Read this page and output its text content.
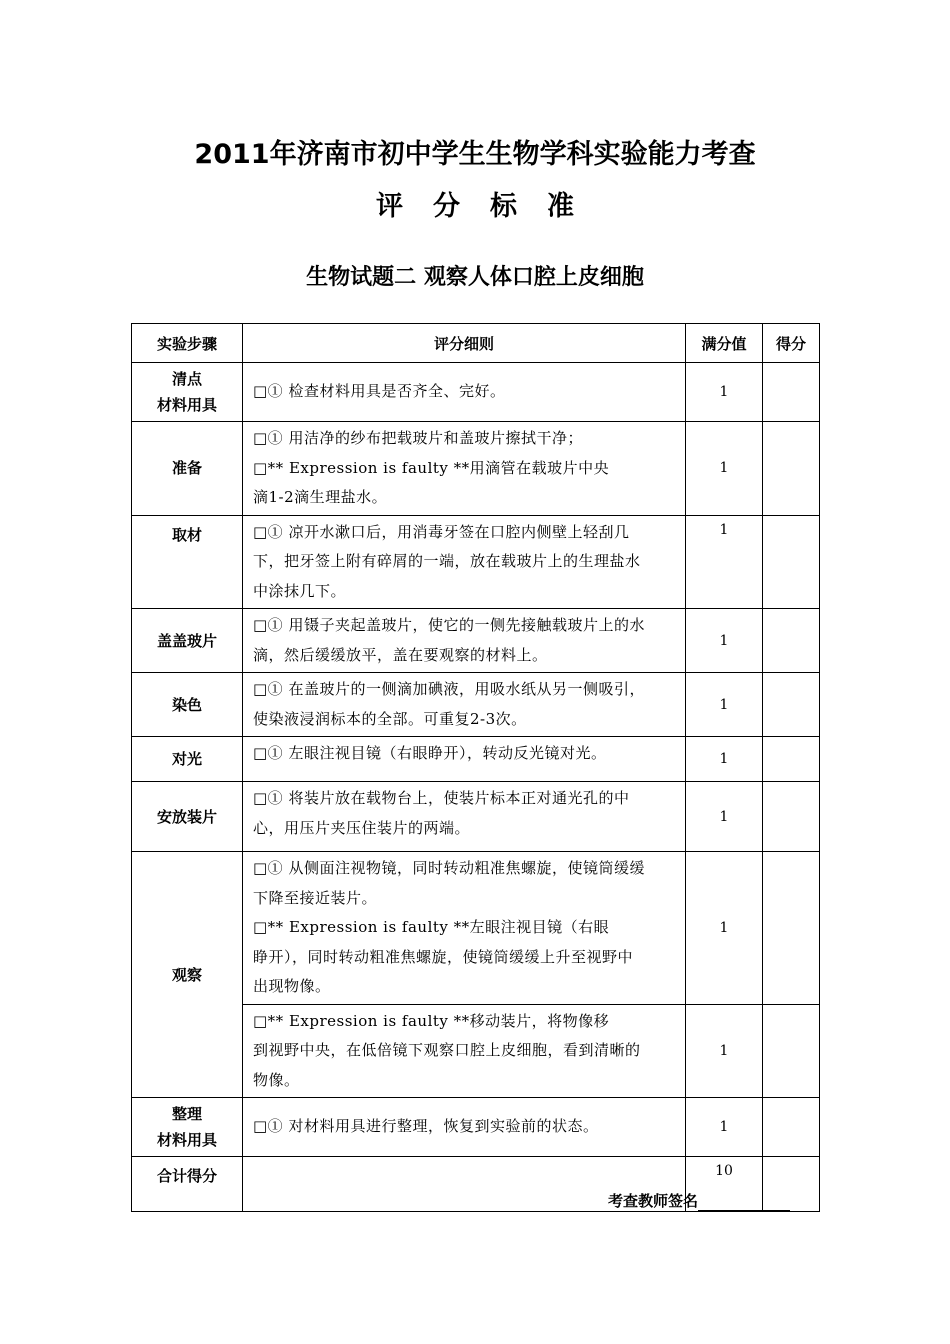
2011年济南市初中学生生物学科实验能力考查
评分标准
生物试题二 观察人体口腔上皮细胞
实验步骤	评分细则	满分值	得分

清点
材料用具	□① 检查材料用具是否齐全、完好。	1	

准备	□① 用洁净的纱布把载玻片和盖玻片擦拭干净；
□** Expression is faulty **用滴管在载玻片中央
滴1-2滴生理盐水。	1	

取材	□① 凉开水漱口后，用消毒牙签在口腔内侧壁上轻刮几
下，把牙签上附有碎屑的一端，放在载玻片上的生理盐水
中涂抹几下。	1	

盖盖玻片	□① 用镊子夹起盖玻片，使它的一侧先接触载玻片上的水
滴，然后缓缓放平，盖在要观察的材料上。	1	

染色	□① 在盖玻片的一侧滴加碘液，用吸水纸从另一侧吸引，
使染液浸润标本的全部。可重复2-3次。	1	

对光	□① 左眼注视目镜（右眼睁开），转动反光镜对光。	1	

安放装片	□① 将装片放在载物台上，使装片标本正对通光孔的中
心，用压片夹压住装片的两端。	1	

观察	□① 从侧面注视物镜，同时转动粗准焦螺旋，使镜筒缓缓
下降至接近装片。
□** Expression is faulty **左眼注视目镜（右眼
睁开），同时转动粗准焦螺旋，使镜筒缓缓上升至视野中
出现物像。	1	

	□** Expression is faulty **移动装片，将物像移
到视野中央，在低倍镜下观察口腔上皮细胞，看到清晰的
物像。	1	

整理
材料用具	□① 对材料用具进行整理，恢复到实验前的状态。	1	

合计得分		10	
考查教师签名
